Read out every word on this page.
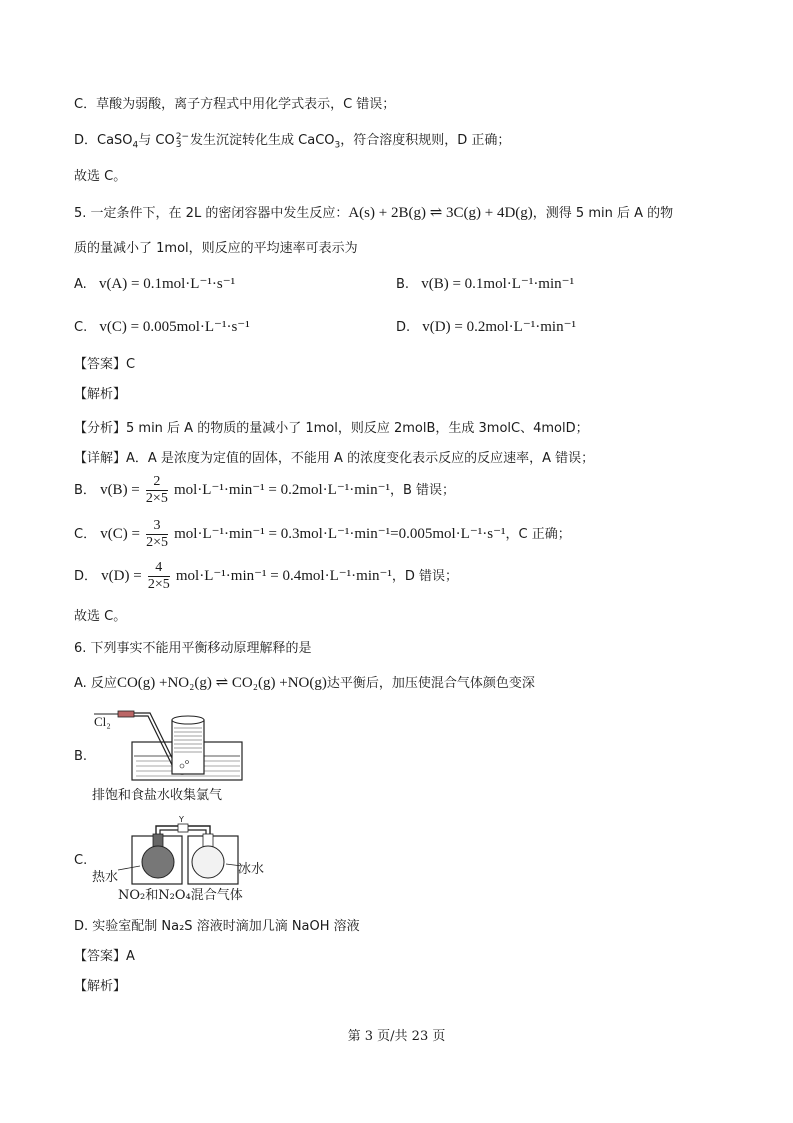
C．草酸为弱酸，离子方程式中用化学式表示，C 错误；
D．CaSO$_4$与 CO 2−
3 发生沉淀转化生成 CaCO$_3$，符合溶度积规则，D 正确；
故选 C。
5. 一定条件下，在 2L 的密闭容器中发生反应：A(s) + 2B(g) ⇌ 3C(g) + 4D(g)，测得 5 min 后 A 的物
质的量减小了 1mol，则反应的平均速率可表示为
A. v(A) = 0.1mol·L⁻¹·s⁻¹	B. v(B) = 0.1mol·L⁻¹·min⁻¹
C. v(C) = 0.005mol·L⁻¹·s⁻¹	D. v(D) = 0.2mol·L⁻¹·min⁻¹
【答案】C
【解析】
【分析】5 min 后 A 的物质的量减小了 1mol，则反应 2molB，生成 3molC、4molD；
【详解】A．A 是浓度为定值的固体，不能用 A 的浓度变化表示反应的反应速率，A 错误；
B． $v(B) = \frac{2}{2\times 5} mol\cdot L^{-1}\cdot\min^{-1} = 0.2mol\cdot L^{-1}\cdot\min^{-1}$，B 错误；
C． $v(C) = \frac{3}{2\times 5} mol\cdot L^{-1}\cdot\min^{-1} = 0.3mol\cdot L^{-1}\cdot\min^{-1}=0.005mol\cdot L^{-1}\cdot s^{-1}$，C 正确；
D． $v(D) = \frac{4}{2\times 5} mol\cdot L^{-1}\cdot\min^{-1} = 0.4mol\cdot L^{-1}\cdot\min^{-1}$，D 错误；
故选 C。
6. 下列事实不能用平衡移动原理解释的是
A. 反应CO(g) +NO₂(g) ⇌ CO₂(g) +NO(g)达平衡后，加压使混合气体颜色变深
B.
Cl₂
排饱和食盐水收集氯气
C.
Y
热水
冰水
NO₂和N₂O₄混合气体
D. 实验室配制 Na₂S 溶液时滴加几滴 NaOH 溶液
【答案】A
【解析】
第 3 页/共 23 页
